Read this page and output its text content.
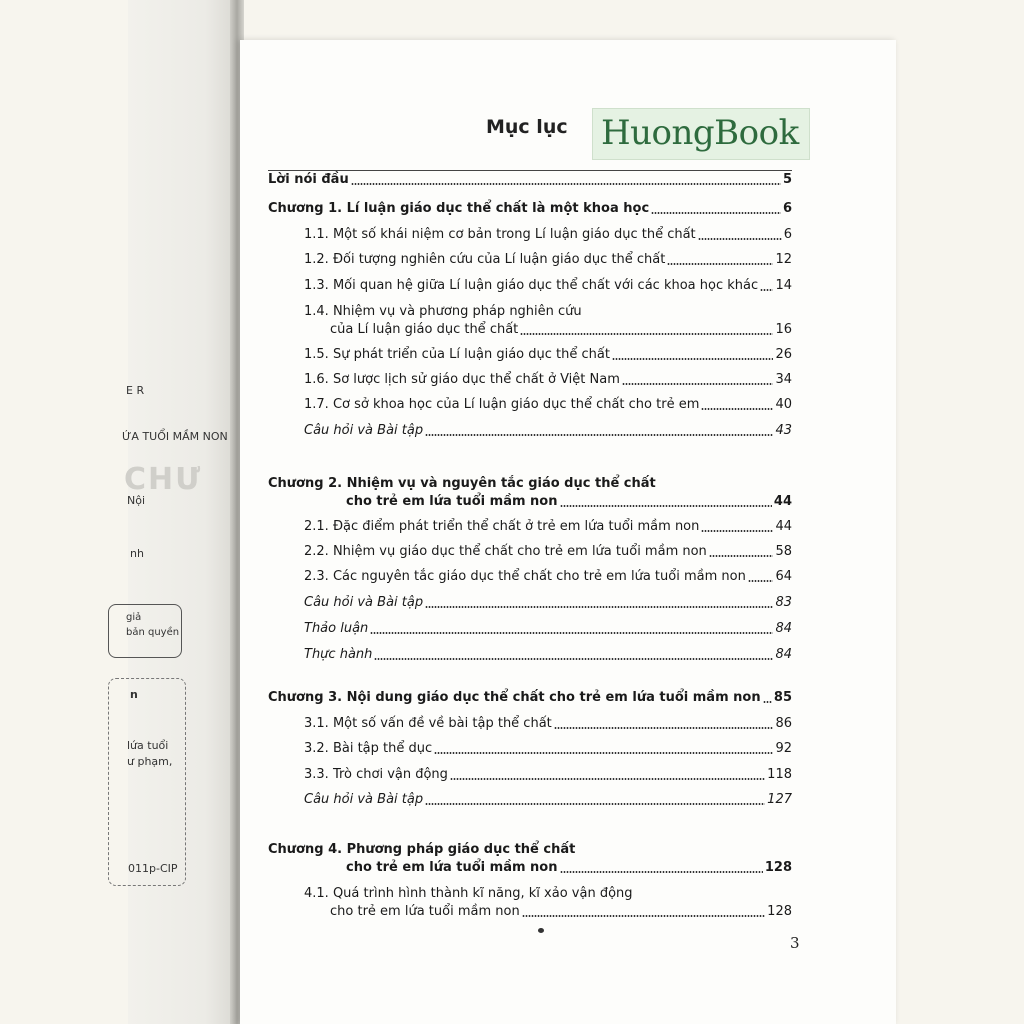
E R
ỨA TUỔI MẦM NON
CHƯ
Nội
nh
giả
bản quyền
n
lứa tuổi
ư phạm,
011p-CIP
Mục lục HuongBook
Lời nói đầu	5
Chương 1. Lí luận giáo dục thể chất là một khoa học	6
1.1. Một số khái niệm cơ bản trong Lí luận giáo dục thể chất	6
1.2. Đối tượng nghiên cứu của Lí luận giáo dục thể chất	12
1.3. Mối quan hệ giữa Lí luận giáo dục thể chất với các khoa học khác 14
1.4. Nhiệm vụ và phương pháp nghiên cứu
của Lí luận giáo dục thể chất	16
1.5. Sự phát triển của Lí luận giáo dục thể chất	26
1.6. Sơ lược lịch sử giáo dục thể chất ở Việt Nam	34
1.7. Cơ sở khoa học của Lí luận giáo dục thể chất cho trẻ em	40
Câu hỏi và Bài tập	43
Chương 2. Nhiệm vụ và nguyên tắc giáo dục thể chất
cho trẻ em lứa tuổi mầm non	44
2.1. Đặc điểm phát triển thể chất ở trẻ em lứa tuổi mầm non	44
2.2. Nhiệm vụ giáo dục thể chất cho trẻ em lứa tuổi mầm non	58
2.3. Các nguyên tắc giáo dục thể chất cho trẻ em lứa tuổi mầm non 64
Câu hỏi và Bài tập	83
Thảo luận	84
Thực hành	84
Chương 3. Nội dung giáo dục thể chất cho trẻ em lứa tuổi mầm non 85
3.1. Một số vấn đề về bài tập thể chất	86
3.2. Bài tập thể dục	92
3.3. Trò chơi vận động	118
Câu hỏi và Bài tập	127
Chương 4. Phương pháp giáo dục thể chất
cho trẻ em lứa tuổi mầm non	128
4.1. Quá trình hình thành kĩ năng, kĩ xảo vận động
cho trẻ em lứa tuổi mầm non	128
3
